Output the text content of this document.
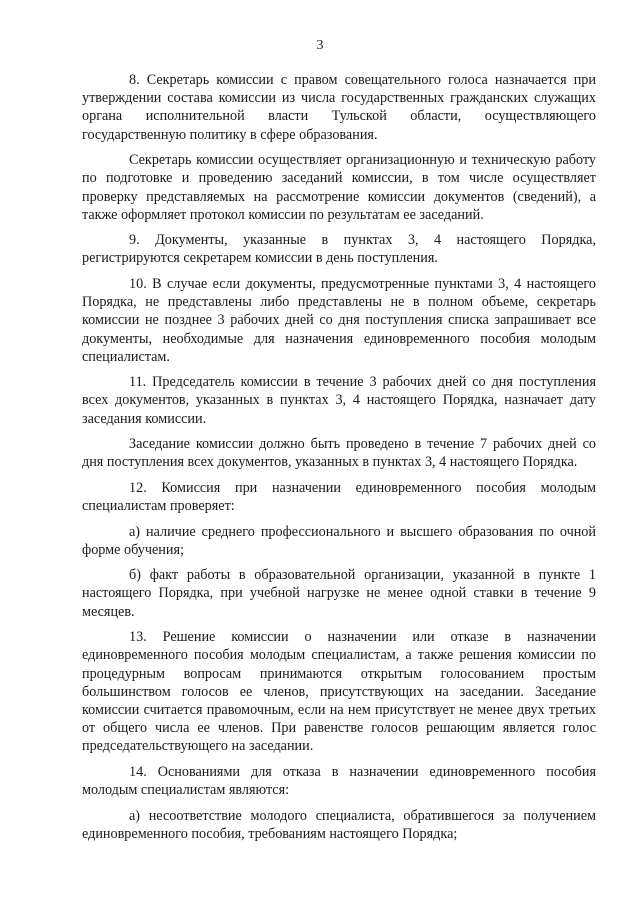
3

8. Секретарь комиссии с правом совещательного голоса назначается при утверждении состава комиссии из числа государственных гражданских служащих органа исполнительной власти Тульской области, осуществляющего государственную политику в сфере образования.

Секретарь комиссии осуществляет организационную и техническую работу по подготовке и проведению заседаний комиссии, в том числе осуществляет проверку представляемых на рассмотрение комиссии документов (сведений), а также оформляет протокол комиссии по результатам ее заседаний.

9. Документы, указанные в пунктах 3, 4 настоящего Порядка, регистрируются секретарем комиссии в день поступления.

10. В случае если документы, предусмотренные пунктами 3, 4 настоящего Порядка, не представлены либо представлены не в полном объеме, секретарь комиссии не позднее 3 рабочих дней со дня поступления списка запрашивает все документы, необходимые для назначения единовременного пособия молодым специалистам.

11. Председатель комиссии в течение 3 рабочих дней со дня поступления всех документов, указанных в пунктах 3, 4 настоящего Порядка, назначает дату заседания комиссии.

Заседание комиссии должно быть проведено в течение 7 рабочих дней со дня поступления всех документов, указанных в пунктах 3, 4 настоящего Порядка.

12. Комиссия при назначении единовременного пособия молодым специалистам проверяет:

а) наличие среднего профессионального и высшего образования по очной форме обучения;

б) факт работы в образовательной организации, указанной в пункте 1 настоящего Порядка, при учебной нагрузке не менее одной ставки в течение 9 месяцев.

13. Решение комиссии о назначении или отказе в назначении единовременного пособия молодым специалистам, а также решения комиссии по процедурным вопросам принимаются открытым голосованием простым большинством голосов ее членов, присутствующих на заседании. Заседание комиссии считается правомочным, если на нем присутствует не менее двух третьих от общего числа ее членов. При равенстве голосов решающим является голос председательствующего на заседании.

14. Основаниями для отказа в назначении единовременного пособия молодым специалистам являются:

а) несоответствие молодого специалиста, обратившегося за получением единовременного пособия, требованиям настоящего Порядка;
